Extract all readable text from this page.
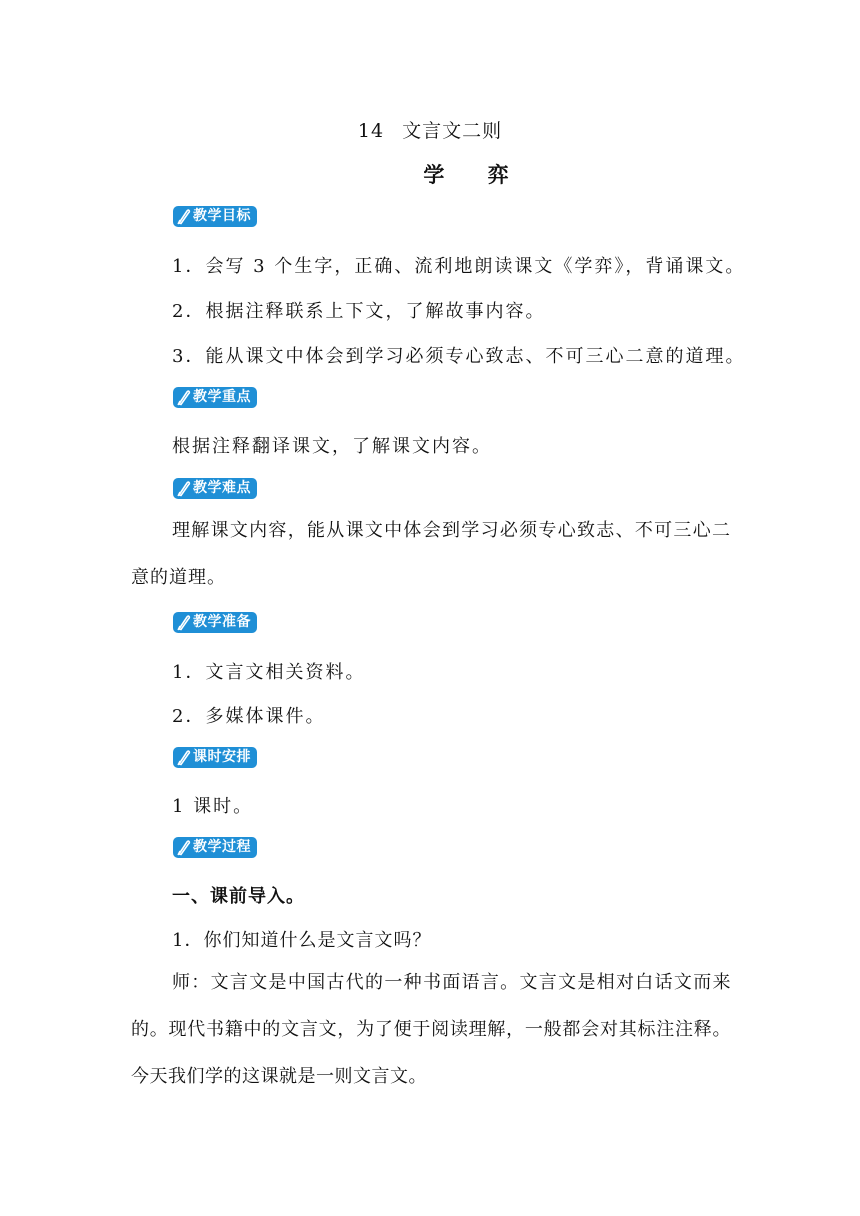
14 文言文二则
学 弈
教学目标
1．会写 3 个生字，正确、流利地朗读课文《学弈》，背诵课文。
2．根据注释联系上下文，了解故事内容。
3．能从课文中体会到学习必须专心致志、不可三心二意的道理。
教学重点
根据注释翻译课文，了解课文内容。
教学难点
理解课文内容，能从课文中体会到学习必须专心致志、不可三心二意的道理。
教学准备
1．文言文相关资料。
2．多媒体课件。
课时安排
1 课时。
教学过程
一、课前导入。
1．你们知道什么是文言文吗？
师：文言文是中国古代的一种书面语言。文言文是相对白话文而来的。现代书籍中的文言文，为了便于阅读理解，一般都会对其标注注释。今天我们学的这课就是一则文言文。
